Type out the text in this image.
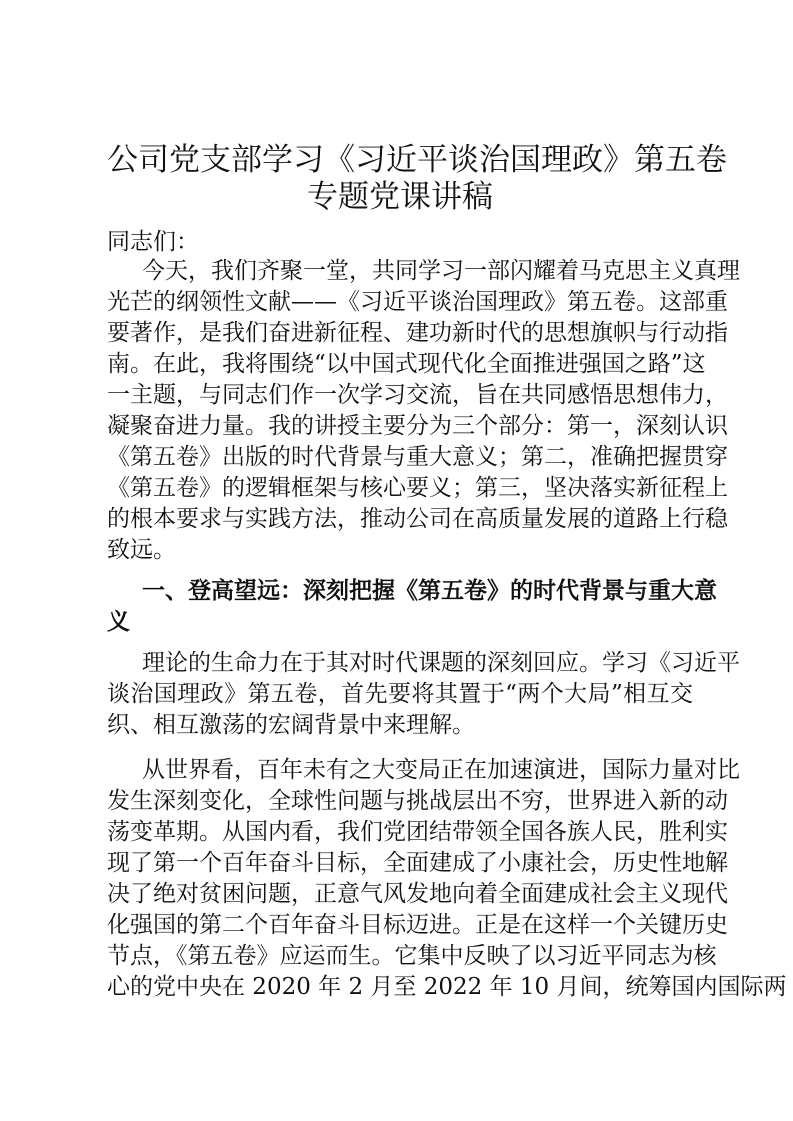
公司党支部学习《习近平谈治国理政》第五卷
专题党课讲稿
同志们：
今天，我们齐聚一堂，共同学习一部闪耀着马克思主义真理
光芒的纲领性文献——《习近平谈治国理政》第五卷。这部重
要著作，是我们奋进新征程、建功新时代的思想旗帜与行动指
南。在此，我将围绕“以中国式现代化全面推进强国之路”这
一主题，与同志们作一次学习交流，旨在共同感悟思想伟力，
凝聚奋进力量。我的讲授主要分为三个部分：第一，深刻认识
《第五卷》出版的时代背景与重大意义；第二，准确把握贯穿
《第五卷》的逻辑框架与核心要义；第三，坚决落实新征程上
的根本要求与实践方法，推动公司在高质量发展的道路上行稳
致远。
一、登高望远：深刻把握《第五卷》的时代背景与重大意
义
理论的生命力在于其对时代课题的深刻回应。学习《习近平
谈治国理政》第五卷，首先要将其置于“两个大局”相互交
织、相互激荡的宏阔背景中来理解。
从世界看，百年未有之大变局正在加速演进，国际力量对比
发生深刻变化，全球性问题与挑战层出不穷，世界进入新的动
荡变革期。从国内看，我们党团结带领全国各族人民，胜利实
现了第一个百年奋斗目标，全面建成了小康社会，历史性地解
决了绝对贫困问题，正意气风发地向着全面建成社会主义现代
化强国的第二个百年奋斗目标迈进。正是在这样一个关键历史
节点，《第五卷》应运而生。它集中反映了以习近平同志为核
心的党中央在 2020 年 2 月至 2022 年 10 月间，统筹国内国际两
